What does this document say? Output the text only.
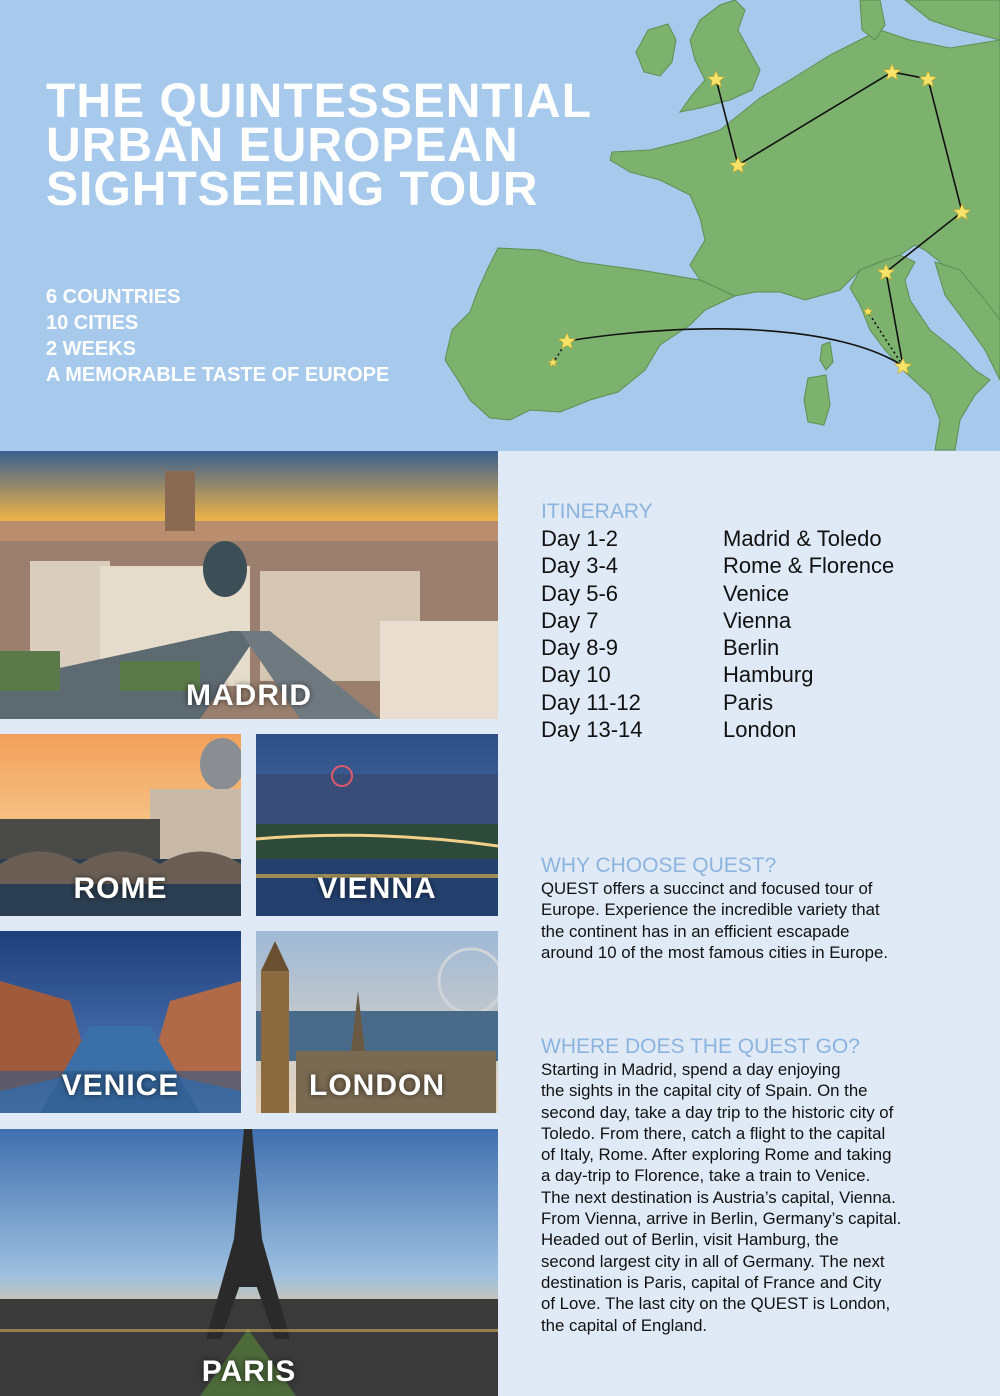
THE QUINTESSENTIAL
URBAN EUROPEAN
SIGHTSEEING TOUR
6 COUNTRIES
10 CITIES
2 WEEKS
A MEMORABLE TASTE OF EUROPE
MADRID
ROME	VIENNA
VENICE	LONDON
PARIS
ITINERARY
Day 1-2	Madrid & Toledo
Day 3-4	Rome & Florence
Day 5-6	Venice
Day 7	Vienna
Day 8-9	Berlin
Day 10	Hamburg
Day 11-12	Paris
Day 13-14	London
WHY CHOOSE QUEST?
QUEST offers a succinct and focused tour of
Europe. Experience the incredible variety that
the continent has in an efficient escapade
around 10 of the most famous cities in Europe.
WHERE DOES THE QUEST GO?
Starting in Madrid, spend a day enjoying
the sights in the capital city of Spain. On the
second day, take a day trip to the historic city of
Toledo. From there, catch a flight to the capital
of Italy, Rome. After exploring Rome and taking
a day-trip to Florence, take a train to Venice.
The next destination is Austria’s capital, Vienna.
From Vienna, arrive in Berlin, Germany’s capital.
Headed out of Berlin, visit Hamburg, the
second largest city in all of Germany. The next
destination is Paris, capital of France and City
of Love. The last city on the QUEST is London,
the capital of England.
